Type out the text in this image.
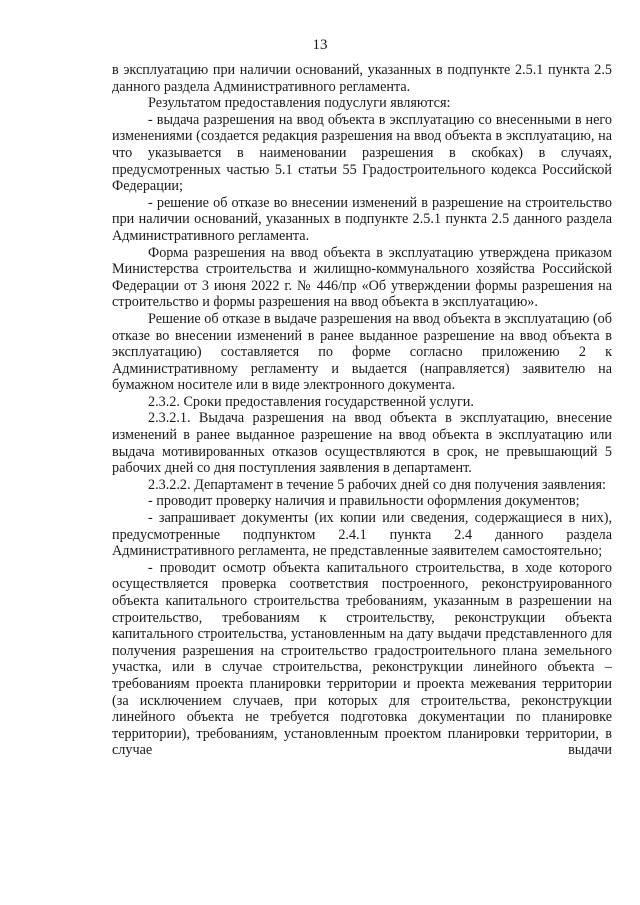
13

в эксплуатацию при наличии оснований, указанных в подпункте 2.5.1 пункта 2.5 данного раздела Административного регламента.

Результатом предоставления подуслуги являются:

- выдача разрешения на ввод объекта в эксплуатацию со внесенными в него изменениями (создается редакция разрешения на ввод объекта в эксплуатацию, на что указывается в наименовании разрешения в скобках) в случаях, предусмотренных частью 5.1 статьи 55 Градостроительного кодекса Российской Федерации;

- решение об отказе во внесении изменений в разрешение на строительство при наличии оснований, указанных в подпункте 2.5.1 пункта 2.5 данного раздела Административного регламента.

Форма разрешения на ввод объекта в эксплуатацию утверждена приказом Министерства строительства и жилищно-коммунального хозяйства Российской Федерации от 3 июня 2022 г. № 446/пр «Об утверждении формы разрешения на строительство и формы разрешения на ввод объекта в эксплуатацию».

Решение об отказе в выдаче разрешения на ввод объекта в эксплуатацию (об отказе во внесении изменений в ранее выданное разрешение на ввод объекта в эксплуатацию) составляется по форме согласно приложению 2 к Административному регламенту и выдается (направляется) заявителю на бумажном носителе или в виде электронного документа.

2.3.2. Сроки предоставления государственной услуги.

2.3.2.1. Выдача разрешения на ввод объекта в эксплуатацию, внесение изменений в ранее выданное разрешение на ввод объекта в эксплуатацию или выдача мотивированных отказов осуществляются в срок, не превышающий 5 рабочих дней со дня поступления заявления в департамент.

2.3.2.2. Департамент в течение 5 рабочих дней со дня получения заявления:

- проводит проверку наличия и правильности оформления документов;

- запрашивает документы (их копии или сведения, содержащиеся в них), предусмотренные подпунктом 2.4.1 пункта 2.4 данного раздела Административного регламента, не представленные заявителем самостоятельно;

- проводит осмотр объекта капитального строительства, в ходе которого осуществляется проверка соответствия построенного, реконструированного объекта капитального строительства требованиям, указанным в разрешении на строительство, требованиям к строительству, реконструкции объекта капитального строительства, установленным на дату выдачи представленного для получения разрешения на строительство градостроительного плана земельного участка, или в случае строительства, реконструкции линейного объекта – требованиям проекта планировки территории и проекта межевания территории (за исключением случаев, при которых для строительства, реконструкции линейного объекта не требуется подготовка документации по планировке территории), требованиям, установленным проектом планировки территории, в случае выдачи
